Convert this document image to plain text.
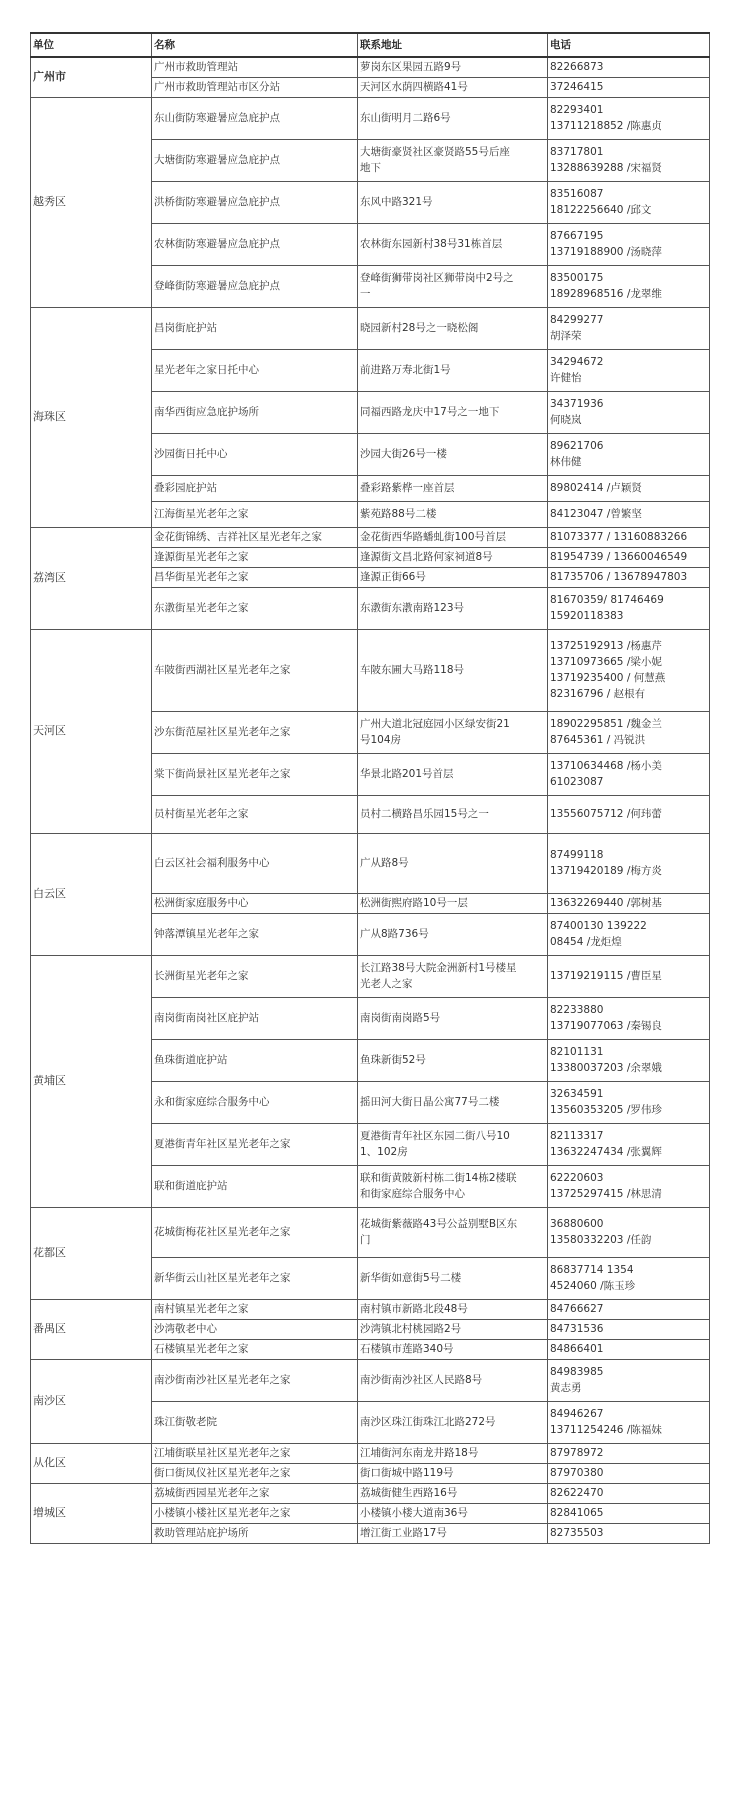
单位	名称	联系地址	电话
广州市	广州市救助管理站	萝岗东区果园五路9号	82266873

	广州市救助管理站市区分站	天河区水荫四横路41号	37246415

越秀区	东山街防寒避暑应急庇护点	东山街明月二路6号	82293401
13711218852 /陈惠贞

	大塘街防寒避暑应急庇护点	大塘街豪贤社区豪贤路55号后座
地下	83717801
13288639288 /宋福贤

	洪桥街防寒避暑应急庇护点	东风中路321号	83516087
18122256640 /邱文

	农林街防寒避暑应急庇护点	农林街东园新村38号31栋首层	87667195
13719188900 /汤晓萍

	登峰街防寒避暑应急庇护点	登峰街狮带岗社区狮带岗中2号之
一	83500175
18928968516 /龙翠维

海珠区	昌岗街庇护站	晓园新村28号之一晓松阁	84299277
胡泽荣

	星光老年之家日托中心	前进路万寿北街1号	34294672
许健怡

	南华西街应急庇护场所	同福西路龙庆中17号之一地下	34371936
何晓岚

	沙园街日托中心	沙园大街26号一楼	89621706
林伟健

	叠彩园庇护站	叠彩路紫桦一座首层	89802414 /卢颖贤

	江海街星光老年之家	紫苑路88号二楼	84123047 /曾繁坚

荔湾区	金花街锦绣、吉祥社区星光老年之家	金花街西华路蟠虬街100号首层	81073377 / 13160883266

	逢源街星光老年之家	逢源街文昌北路何家祠道8号	81954739 / 13660046549

	昌华街星光老年之家	逢源正街66号	81735706 / 13678947803

	东漖街星光老年之家	东漖街东漖南路123号	81670359/ 81746469
15920118383

天河区	车陂街西湖社区星光老年之家	车陂东圃大马路118号	13725192913 /杨惠芹
13710973665 /梁小妮
13719235400 / 何慧燕
82316796 / 赵根有

	沙东街范屋社区星光老年之家	广州大道北冠庭园小区绿安街21
号104房	18902295851 /魏金兰
87645361 / 冯锐洪

	棠下街尚景社区星光老年之家	华景北路201号首层	13710634468 /杨小美
61023087

	员村街星光老年之家	员村二横路昌乐园15号之一	13556075712 /何玮蕾

白云区	白云区社会福利服务中心	广从路8号	87499118
13719420189 /梅方炎

	松洲街家庭服务中心	松洲街熙府路10号一层	13632269440 /郭树基

	钟落潭镇星光老年之家	广从8路736号	87400130 139222
08454 /龙炬煌

黄埔区	长洲街星光老年之家	长江路38号大院金洲新村1号楼星
光老人之家	13719219115 /曹臣星

	南岗街南岗社区庇护站	南岗街南岗路5号	82233880
13719077063 /秦锡良

	鱼珠街道庇护站	鱼珠新街52号	82101131
13380037203 /余翠娥

	永和街家庭综合服务中心	摇田河大街日晶公寓77号二楼	32634591
13560353205 /罗伟珍

	夏港街青年社区星光老年之家	夏港街青年社区东园二街八号10
1、102房	82113317
13632247434 /张翼辉

	联和街道庇护站	联和街黄陂新村栋二街14栋2楼联
和街家庭综合服务中心	62220603
13725297415 /林思清

花都区	花城街梅花社区星光老年之家	花城街紫薇路43号公益别墅B区东
门	36880600
13580332203 /任韵

	新华街云山社区星光老年之家	新华街如意街5号二楼	86837714 1354
4524060 /陈玉珍

番禺区	南村镇星光老年之家	南村镇市新路北段48号	84766627

	沙湾敬老中心	沙湾镇北村桃园路2号	84731536

	石楼镇星光老年之家	石楼镇市莲路340号	84866401

南沙区	南沙街南沙社区星光老年之家	南沙街南沙社区人民路8号	84983985
黄志勇

	珠江街敬老院	南沙区珠江街珠江北路272号	84946267
13711254246 /陈福妹

从化区	江埔街联星社区星光老年之家	江埔街河东南龙井路18号	87978972

	街口街凤仪社区星光老年之家	街口街城中路119号	87970380

增城区	荔城街西园星光老年之家	荔城街健生西路16号	82622470

	小楼镇小楼社区星光老年之家	小楼镇小楼大道南36号	82841065

	救助管理站庇护场所	增江街工业路17号	82735503
